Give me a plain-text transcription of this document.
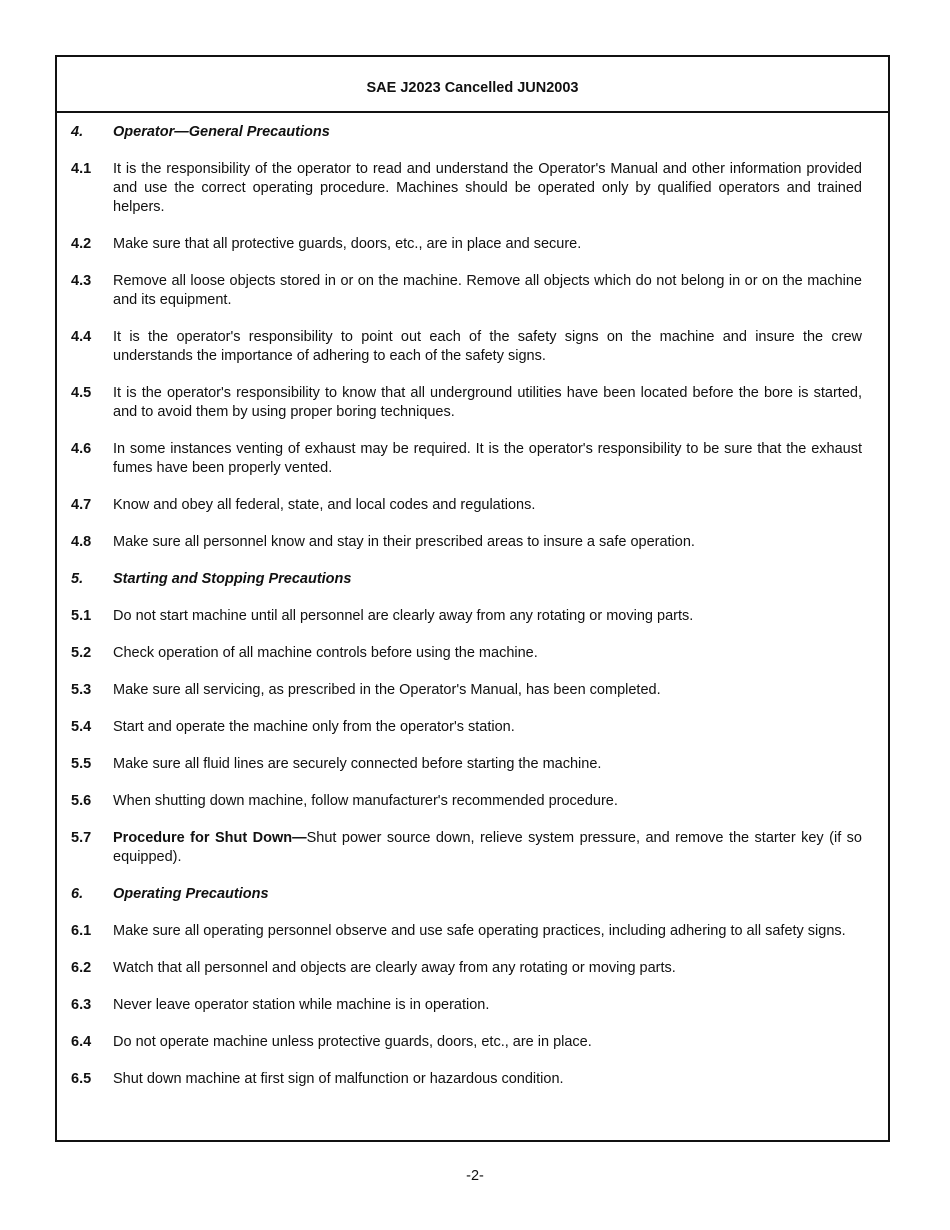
SAE J2023 Cancelled JUN2003
4.	Operator—General Precautions
4.1	It is the responsibility of the operator to read and understand the Operator's Manual and other information provided and use the correct operating procedure. Machines should be operated only by qualified operators and trained helpers.
4.2	Make sure that all protective guards, doors, etc., are in place and secure.
4.3	Remove all loose objects stored in or on the machine. Remove all objects which do not belong in or on the machine and its equipment.
4.4	It is the operator's responsibility to point out each of the safety signs on the machine and insure the crew understands the importance of adhering to each of the safety signs.
4.5	It is the operator's responsibility to know that all underground utilities have been located before the bore is started, and to avoid them by using proper boring techniques.
4.6	In some instances venting of exhaust may be required. It is the operator's responsibility to be sure that the exhaust fumes have been properly vented.
4.7	Know and obey all federal, state, and local codes and regulations.
4.8	Make sure all personnel know and stay in their prescribed areas to insure a safe operation.
5.	Starting and Stopping Precautions
5.1	Do not start machine until all personnel are clearly away from any rotating or moving parts.
5.2	Check operation of all machine controls before using the machine.
5.3	Make sure all servicing, as prescribed in the Operator's Manual, has been completed.
5.4	Start and operate the machine only from the operator's station.
5.5	Make sure all fluid lines are securely connected before starting the machine.
5.6	When shutting down machine, follow manufacturer's recommended procedure.
5.7	Procedure for Shut Down—Shut power source down, relieve system pressure, and remove the starter key (if so equipped).
6.	Operating Precautions
6.1	Make sure all operating personnel observe and use safe operating practices, including adhering to all safety signs.
6.2	Watch that all personnel and objects are clearly away from any rotating or moving parts.
6.3	Never leave operator station while machine is in operation.
6.4	Do not operate machine unless protective guards, doors, etc., are in place.
6.5	Shut down machine at first sign of malfunction or hazardous condition.
-2-
